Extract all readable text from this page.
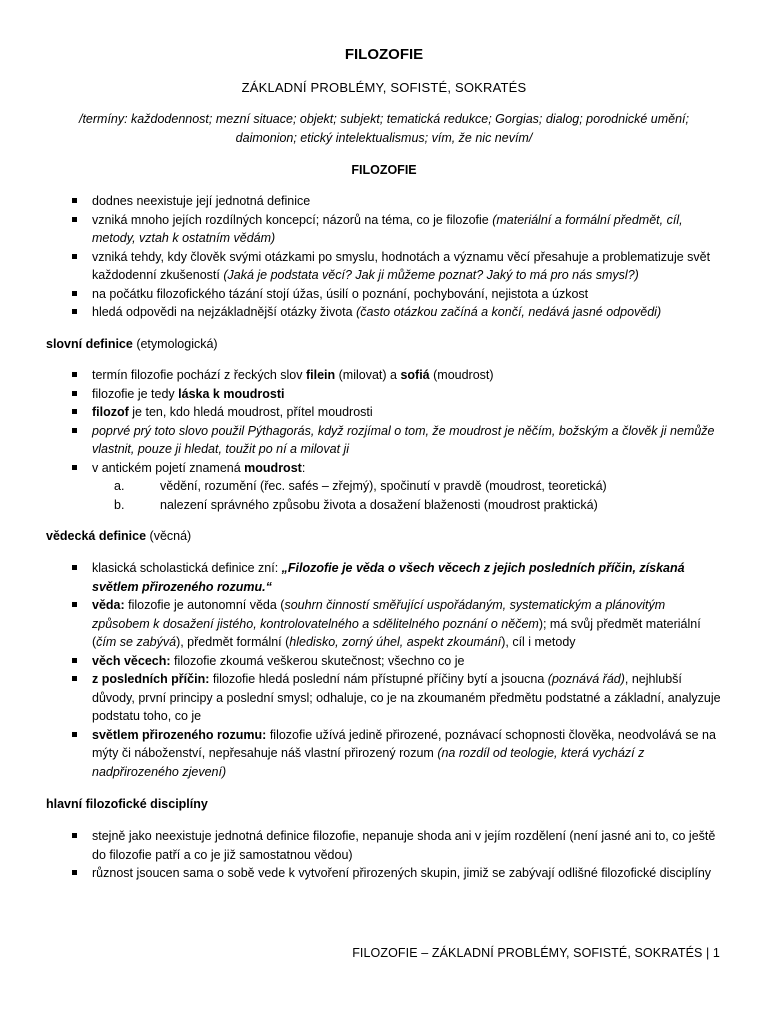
FILOZOFIE
ZÁKLADNÍ PROBLÉMY, SOFISTÉ, SOKRATÉS
/termíny: každodennost; mezní situace; objekt; subjekt; tematická redukce; Gorgias; dialog; porodnické umění;
daimonion; etický intelektualismus; vím, že nic nevím/
FILOZOFIE
dodnes neexistuje její jednotná definice
vzniká mnoho jejích rozdílných koncepcí; názorů na téma, co je filozofie (materiální a formální předmět, cíl, metody, vztah k ostatním vědám)
vzniká tehdy, kdy člověk svými otázkami po smyslu, hodnotách a významu věcí přesahuje a problematizuje svět každodenní zkušeností (Jaká je podstata věcí? Jak ji můžeme poznat? Jaký to má pro nás smysl?)
na počátku filozofického tázání stojí úžas, úsilí o poznání, pochybování, nejistota a úzkost
hledá odpovědi na nejzákladnější otázky života (často otázkou začíná a končí, nedává jasné odpovědi)
slovní definice (etymologická)
termín filozofie pochází z řeckých slov filein (milovat) a sofiá (moudrost)
filozofie je tedy láska k moudrosti
filozof je ten, kdo hledá moudrost, přítel moudrosti
poprvé prý toto slovo použil Pýthagorás, když rozjímal o tom, že moudrost je něčím, božským a člověk ji nemůže vlastnit, pouze ji hledat, toužit po ní a milovat ji
v antickém pojetí znamená moudrost:
a.	vědění, rozumění (řec. safés – zřejmý), spočinutí v pravdě (moudrost, teoretická)
b.	nalezení správného způsobu života a dosažení blaženosti (moudrost praktická)
vědecká definice (věcná)
klasická scholastická definice zní: „Filozofie je věda o všech věcech z jejich posledních příčin, získaná světlem přirozeného rozumu.“
věda: filozofie je autonomní věda (souhrn činností směřující uspořádaným, systematickým a plánovitým způsobem k dosažení jistého, kontrolovatelného a sdělitelného poznání o něčem); má svůj předmět materiální (čím se zabývá), předmět formální (hledisko, zorný úhel, aspekt zkoumání), cíl i metody
věch věcech: filozofie zkoumá veškerou skutečnost; všechno co je
z posledních příčin: filozofie hledá poslední nám přístupné příčiny bytí a jsoucna (poznává řád), nejhlubší důvody, první principy a poslední smysl; odhaluje, co je na zkoumaném předmětu podstatné a základní, analyzuje podstatu toho, co je
světlem přirozeného rozumu: filozofie užívá jedině přirozené, poznávací schopnosti člověka, neodvolává se na mýty či náboženství, nepřesahuje náš vlastní přirozený rozum (na rozdíl od teologie, která vychází z nadpřirozeného zjevení)
hlavní filozofické disciplíny
stejně jako neexistuje jednotná definice filozofie, nepanuje shoda ani v jejím rozdělení (není jasné ani to, co ještě do filozofie patří a co je již samostatnou vědou)
různost jsoucen sama o sobě vede k vytvoření přirozených skupin, jimiž se zabývají odlišné filozofické disciplíny
FILOZOFIE – ZÁKLADNÍ PROBLÉMY, SOFISTÉ, SOKRATÉS | 1
